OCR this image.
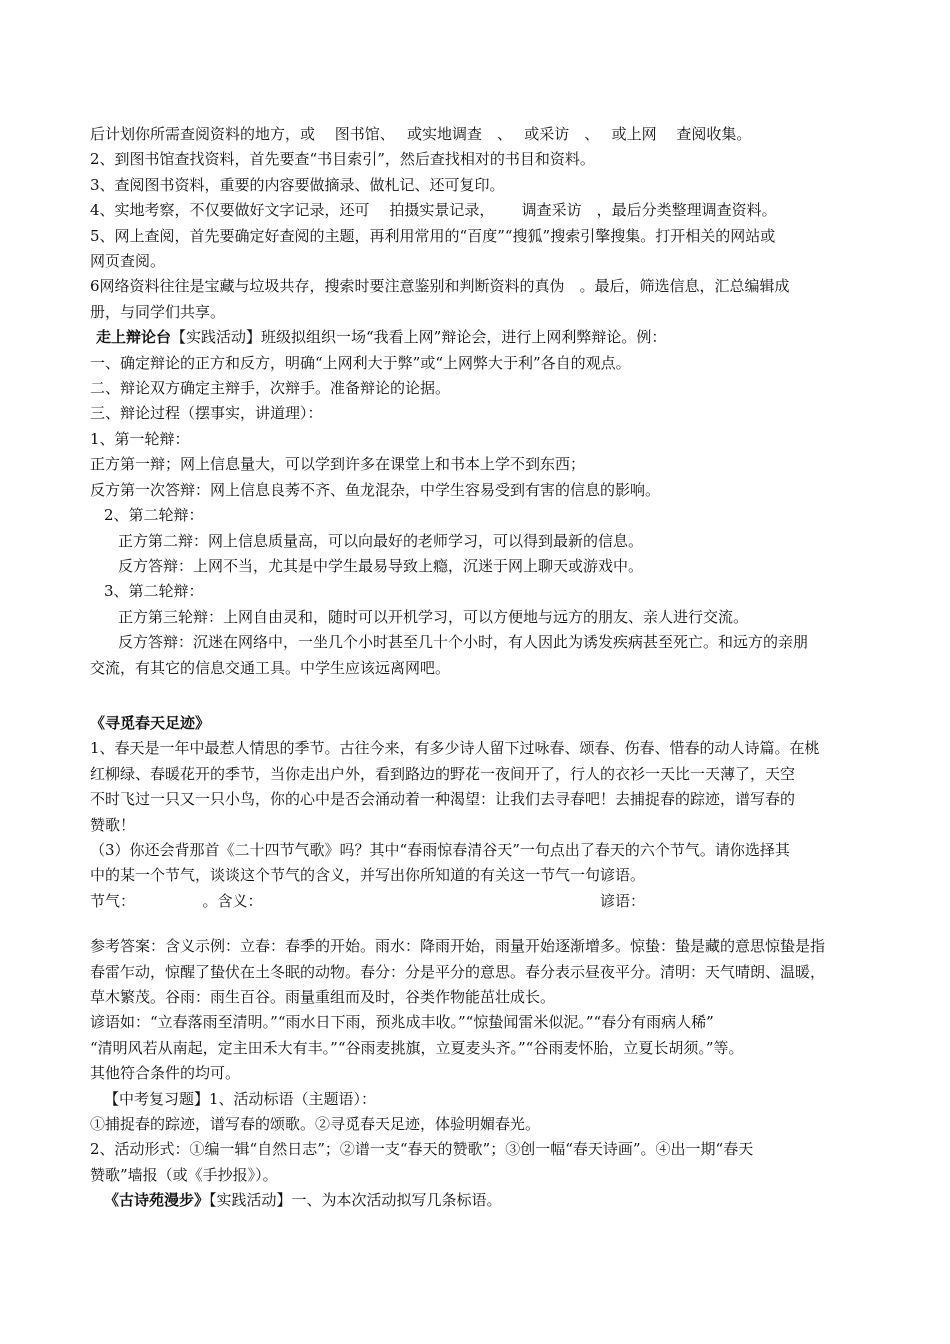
后计划你所需查阅资料的地方，或　 图书馆、　 或实地调查　、　 或采访　、　 或上网　 查阅收集。

2、到图书馆查找资料，首先要查“书目索引”，然后查找相对的书目和资料。

3、查阅图书资料，重要的内容要做摘录、做札记、还可复印。

4、实地考察，不仅要做好文字记录，还可　 拍摄实景记录，　　 调查采访　，最后分类整理调查资料。

5、网上查阅，首先要确定好查阅的主题，再利用常用的“百度”“搜狐”搜索引擎搜集。打开相关的网站或

网页查阅。

6网络资料往往是宝藏与垃圾共存，搜索时要注意鉴别和判断资料的真伪　。最后，筛选信息，汇总编辑成

册，与同学们共享。

走上辩论台【实践活动】班级拟组织一场“我看上网”辩论会，进行上网利弊辩论。例：

一、确定辩论的正方和反方，明确“上网利大于弊”或“上网弊大于利”各自的观点。

二、辩论双方确定主辩手，次辩手。准备辩论的论据。

三、辩论过程（摆事实，讲道理）：

1、第一轮辩：

正方第一辩；网上信息量大，可以学到许多在课堂上和书本上学不到东西；

反方第一次答辩：网上信息良莠不齐、鱼龙混杂，中学生容易受到有害的信息的影响。

2、第二轮辩：

正方第二辩：网上信息质量高，可以向最好的老师学习，可以得到最新的信息。

反方答辩：上网不当，尤其是中学生最易导致上瘾，沉迷于网上聊天或游戏中。

3、第二轮辩：

正方第三轮辩：上网自由灵和，随时可以开机学习，可以方便地与远方的朋友、亲人进行交流。

反方答辩：沉迷在网络中，一坐几个小时甚至几十个小时，有人因此为诱发疾病甚至死亡。和远方的亲朋

交流，有其它的信息交通工具。中学生应该远离网吧。

《寻觅春天足迹》

1、春天是一年中最惹人情思的季节。古往今来，有多少诗人留下过咏春、颂春、伤春、惜春的动人诗篇。在桃

红柳绿、春暖花开的季节，当你走出户外，看到路边的野花一夜间开了，行人的衣衫一天比一天薄了，天空

不时飞过一只又一只小鸟，你的心中是否会涌动着一种渴望：让我们去寻春吧！去捕捉春的踪迹，谱写春的

赞歌！

（3）你还会背那首《二十四节气歌》吗？其中“春雨惊春清谷天”一句点出了春天的六个节气。请你选择其

中的某一个节气，谈谈这个节气的含义，并写出你所知道的有关这一节气一句谚语。

节气：　　　　　。含义：　　　　　　　　　　　　　　　　　　　　　　　谚语：

参考答案：含义示例：立春：春季的开始。雨水：降雨开始，雨量开始逐渐增多。惊蛰：蛰是藏的意思惊蛰是指

春雷乍动，惊醒了蛰伏在土冬眠的动物。春分：分是平分的意思。春分表示昼夜平分。清明：天气晴朗、温暖，

草木繁茂。谷雨：雨生百谷。雨量重组而及时，谷类作物能茁壮成长。

谚语如：“立春落雨至清明。”“雨水日下雨，预兆成丰收。”“惊蛰闻雷米似泥。”“春分有雨病人稀”

“清明风若从南起，定主田禾大有丰。”“谷雨麦挑旗，立夏麦头齐。”“谷雨麦怀胎，立夏长胡须。”等。

其他符合条件的均可。

【中考复习题】1、活动标语（主题语）：

①捕捉春的踪迹，谱写春的颂歌。②寻觅春天足迹，体验明媚春光。

2、活动形式：①编一辑“自然日志”；②谱一支“春天的赞歌”；③创一幅“春天诗画”。④出一期“春天

赞歌”墙报（或《手抄报》）。

《古诗苑漫步》【实践活动】一、为本次活动拟写几条标语。
